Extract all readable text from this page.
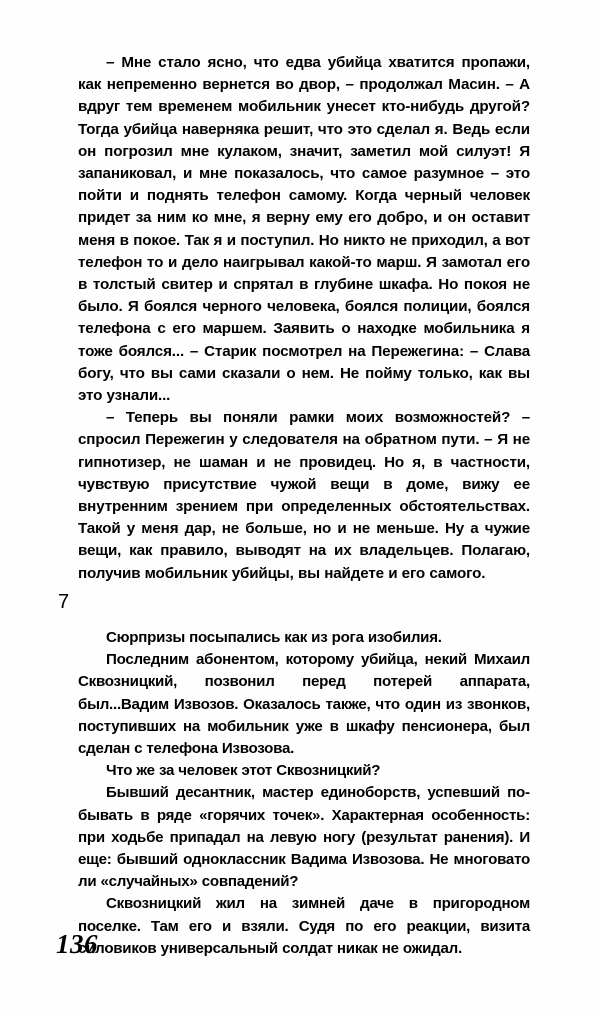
– Мне стало ясно, что едва убийца хватится пропажи, как непременно вернется во двор, – продолжал Масин. – А вдруг тем временем мобильник унесет кто-нибудь другой? Тогда убийца наверняка решит, что это сделал я. Ведь если он погрозил мне кулаком, значит, заметил мой силуэт! Я запаниковал, и мне показалось, что самое разумное – это пойти и поднять телефон самому. Когда черный человек придет за ним ко мне, я верну ему его добро, и он оставит меня в покое. Так я и поступил. Но никто не приходил, а вот телефон то и дело наигрывал какой-то марш. Я замотал его в толстый свитер и спрятал в глубине шкафа. Но покоя не было. Я боялся черного человека, боялся полиции, боялся телефона с его маршем. Заявить о находке мобильника я тоже боялся... – Старик посмотрел на Пережегина: – Слава богу, что вы сами сказали о нем. Не пойму только, как вы это узнали...

– Теперь вы поняли рамки моих возможностей? – спросил Пережегин у следователя на обратном пути. – Я не гипнотизер, не шаман и не провидец. Но я, в частности, чувствую присутствие чужой вещи в доме, вижу ее внутренним зрением при определенных обстоятельствах. Такой у меня дар, не больше, но и не меньше. Ну а чужие вещи, как правило, выводят на их владельцев. Полагаю, получив мобильник убийцы, вы найдете и его самого.

7

Сюрпризы посыпались как из рога изобилия.

Последним абонентом, которому убийца, некий Михаил Сквозницкий, позвонил перед потерей аппарата, был...Вадим Извозов. Оказалось также, что один из звонков, поступивших на мобильник уже в шкафу пенсионера, был сделан с телефона Извозова.

Что же за человек этот Сквозницкий?

Бывший десантник, мастер единоборств, успевший побывать в ряде «горячих точек». Характерная особенность: при ходьбе припадал на левую ногу (результат ранения). И еще: бывший одноклассник Вадима Извозова. Не многовато ли «случайных» совпадений?

Сквозницкий жил на зимней даче в пригородном поселке. Там его и взяли. Судя по его реакции, визита силовиков универсальный солдат никак не ожидал.

136
